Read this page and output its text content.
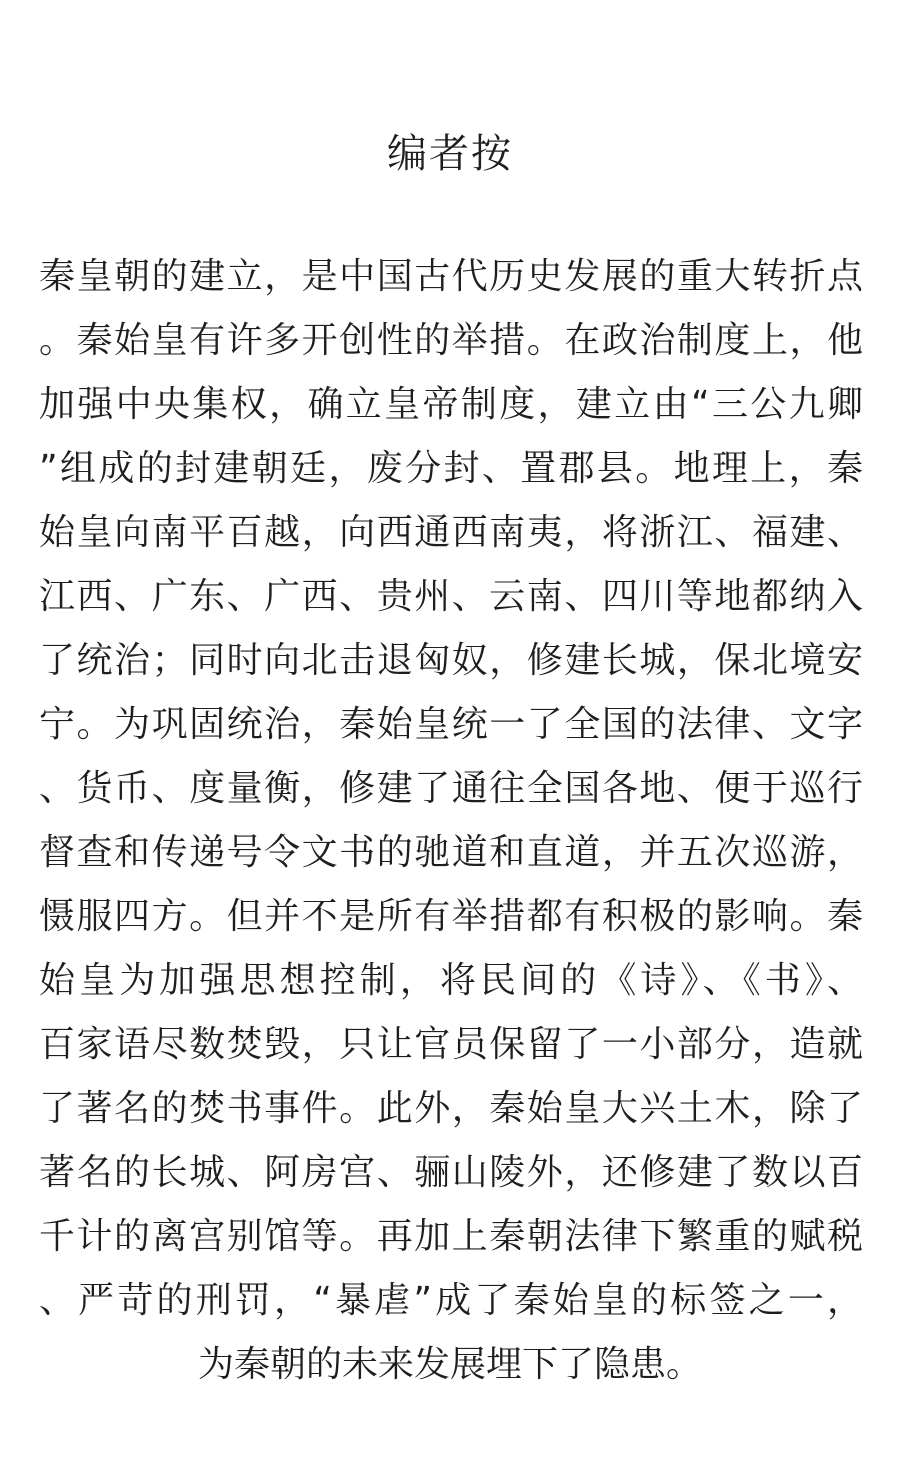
编者按
秦皇朝的建立，是中国古代历史发展的重大转折点
。秦始皇有许多开创性的举措。在政治制度上，他
加强中央集权，确立皇帝制度，建立由“三公九卿
”组成的封建朝廷，废分封、置郡县。地理上，秦
始皇向南平百越，向西通西南夷，将浙江、福建、
江西、广东、广西、贵州、云南、四川等地都纳入
了统治；同时向北击退匈奴，修建长城，保北境安
宁。为巩固统治，秦始皇统一了全国的法律、文字
、货币、度量衡，修建了通往全国各地、便于巡行
督查和传递号令文书的驰道和直道，并五次巡游，
慑服四方。但并不是所有举措都有积极的影响。秦
始皇为加强思想控制，将民间的《诗》、《书》、
百家语尽数焚毁，只让官员保留了一小部分，造就
了著名的焚书事件。此外，秦始皇大兴土木，除了
著名的长城、阿房宫、骊山陵外，还修建了数以百
千计的离宫别馆等。再加上秦朝法律下繁重的赋税
、严苛的刑罚，“暴虐”成了秦始皇的标签之一，
为秦朝的未来发展埋下了隐患。
